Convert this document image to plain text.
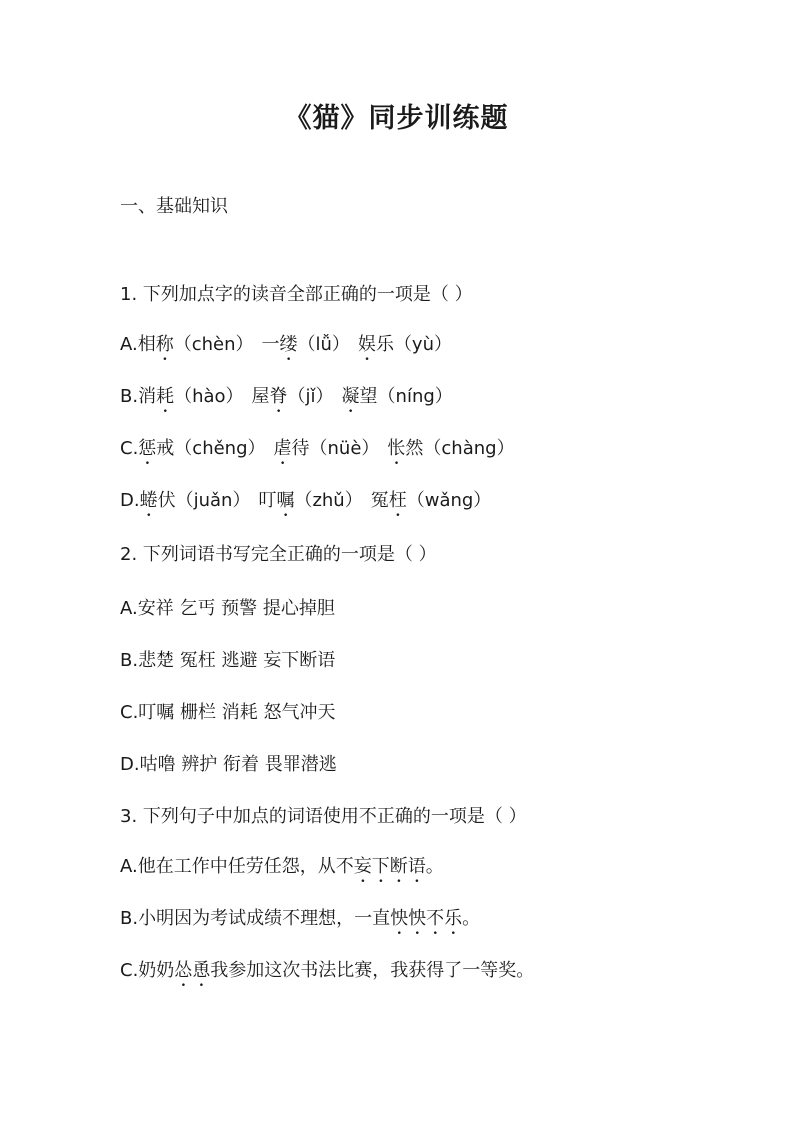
《猫》同步训练题
一、基础知识
1. 下列加点字的读音全部正确的一项是（ ）
A.相称（chèn） 一缕（lǚ） 娱乐（yù）
B.消耗（hào） 屋脊（jǐ） 凝望（níng）
C.惩戒（chěng） 虐待（nüè） 怅然（chàng）
D.蜷伏（juǎn） 叮嘱（zhǔ） 冤枉（wǎng）
2. 下列词语书写完全正确的一项是（ ）
A.安祥 乞丐 预警 提心掉胆
B.悲楚 冤枉 逃避 妄下断语
C.叮嘱 栅栏 消耗 怒气冲天
D.咕噜 辨护 衔着 畏罪潜逃
3. 下列句子中加点的词语使用不正确的一项是（ ）
A.他在工作中任劳任怨，从不妄下断语。
B.小明因为考试成绩不理想，一直怏怏不乐。
C.奶奶怂恿我参加这次书法比赛，我获得了一等奖。
